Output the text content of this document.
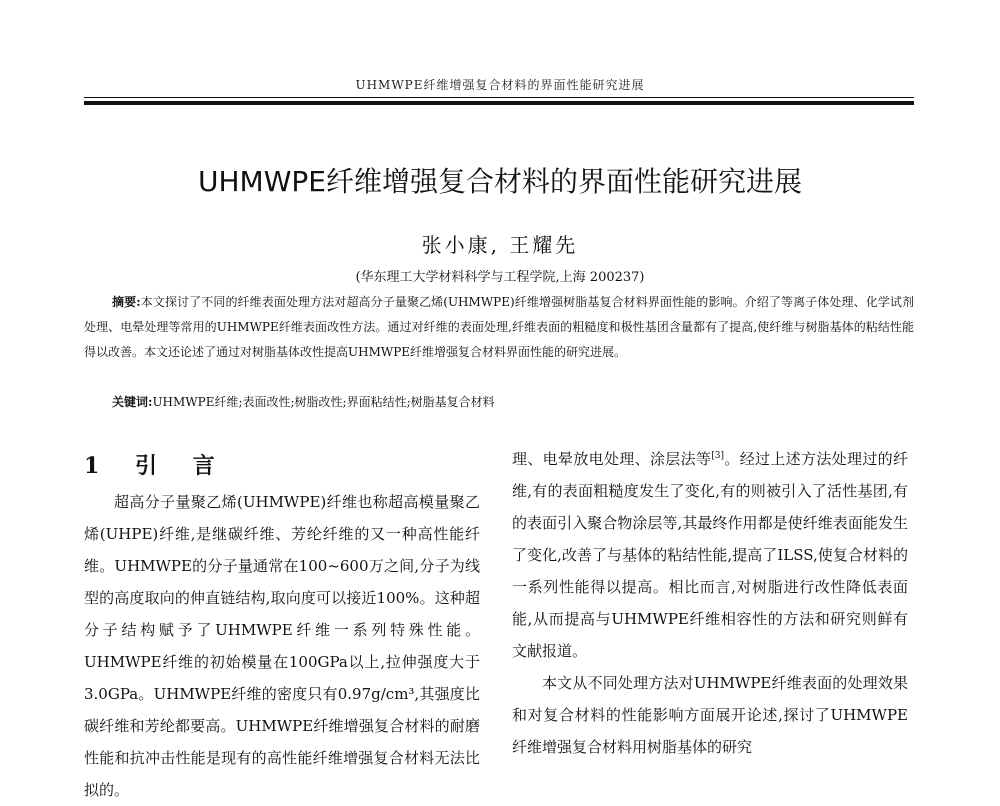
UHMWPE纤维增强复合材料的界面性能研究进展
UHMWPE纤维增强复合材料的界面性能研究进展
张小康, 王耀先
(华东理工大学材料科学与工程学院,上海 200237)
摘要:本文探讨了不同的纤维表面处理方法对超高分子量聚乙烯(UHMWPE)纤维增强树脂基复合材料界面性能的影响。介绍了等离子体处理、化学试剂处理、电晕处理等常用的UHMWPE纤维表面改性方法。通过对纤维的表面处理,纤维表面的粗糙度和极性基团含量都有了提高,使纤维与树脂基体的粘结性能得以改善。本文还论述了通过对树脂基体改性提高UHMWPE纤维增强复合材料界面性能的研究进展。
关键词:UHMWPE纤维;表面改性;树脂改性;界面粘结性;树脂基复合材料
1 引 言

超高分子量聚乙烯(UHMWPE)纤维也称超高模量聚乙烯(UHPE)纤维,是继碳纤维、芳纶纤维的又一种高性能纤维。UHMWPE的分子量通常在100~600万之间,分子为线型的高度取向的伸直链结构,取向度可以接近100%。这种超分子结构赋予了UHMWPE纤维一系列特殊性能。UHMWPE纤维的初始模量在100GPa以上,拉伸强度大于3.0GPa。UHMWPE纤维的密度只有0.97g/cm³,其强度比碳纤维和芳纶都要高。UHMWPE纤维增强复合材料的耐磨性能和抗冲击性能是现有的高性能纤维增强复合材料无法比拟的。

理、电晕放电处理、涂层法等[3]。经过上述方法处理过的纤维,有的表面粗糙度发生了变化,有的则被引入了活性基团,有的表面引入聚合物涂层等,其最终作用都是使纤维表面能发生了变化,改善了与基体的粘结性能,提高了ILSS,使复合材料的一系列性能得以提高。相比而言,对树脂进行改性降低表面能,从而提高与UHMWPE纤维相容性的方法和研究则鲜有文献报道。

本文从不同处理方法对UHMWPE纤维表面的处理效果和对复合材料的性能影响方面展开论述,探讨了UHMWPE纤维增强复合材料用树脂基体的研究
